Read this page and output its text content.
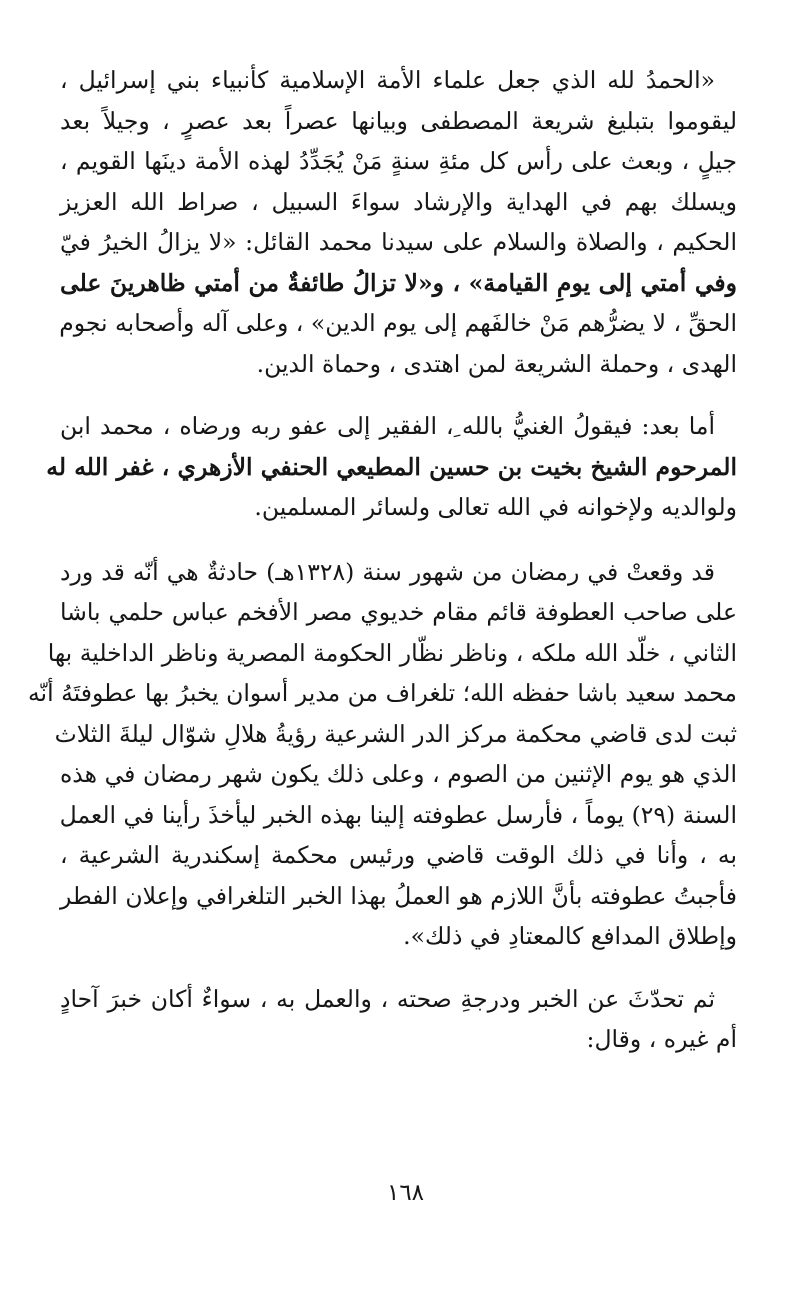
«الحمدُ لله الذي جعل علماء الأمة الإسلامية كأنبياء بني إسرائيل ،
ليقوموا بتبليغ شريعة المصطفى وبيانها عصراً بعد عصرٍ ، وجيلاً بعد
جيلٍ ، وبعث على رأس كل مئةِ سنةٍ مَنْ يُجَدِّدُ لهذه الأمة دينَها القويم ،
ويسلك بهم في الهداية والإرشاد سواءَ السبيل ، صراط الله العزيز
الحكيم ، والصلاة والسلام على سيدنا محمد القائل: «لا يزالُ الخيرُ فيّ
وفي أمتي إلى يومِ القيامة» ، و«لا تزالُ طائفةٌ من أمتي ظاهرينَ على
الحقِّ ، لا يضرُّهم مَنْ خالفَهم إلى يوم الدين» ، وعلى آله وأصحابه نجوم
الهدى ، وحملة الشريعة لمن اهتدى ، وحماة الدين.
أما بعد: فيقولُ الغنيُّ بالله ِ، الفقير إلى عفو ربه ورضاه ، محمد ابن
المرحوم الشيخ بخيت بن حسين المطيعي الحنفي الأزهري ، غفر الله له
ولوالديه ولإخوانه في الله تعالى ولسائر المسلمين.
قد وقعتْ في رمضان من شهور سنة (١٣٢٨هـ) حادثةٌ هي أنّه قد ورد
على صاحب العطوفة قائم مقام خديوي مصر الأفخم عباس حلمي باشا
الثاني ، خلّد الله ملكه ، وناظر نظّار الحكومة المصرية وناظر الداخلية بها
محمد سعيد باشا حفظه الله؛ تلغراف من مدير أسوان يخبرُ بها عطوفتَهُ أنّه
ثبت لدى قاضي محكمة مركز الدر الشرعية رؤيةُ هلالِ شوّال ليلةَ الثلاث
الذي هو يوم الإثنين من الصوم ، وعلى ذلك يكون شهر رمضان في هذه
السنة (٢٩) يوماً ، فأرسل عطوفته إلينا بهذه الخبر ليأخذَ رأينا في العمل
به ، وأنا في ذلك الوقت قاضي ورئيس محكمة إسكندرية الشرعية ،
فأجبتُ عطوفته بأنَّ اللازم هو العملُ بهذا الخبر التلغرافي وإعلان الفطر
وإطلاق المدافع كالمعتادِ في ذلك».
ثم تحدّثَ عن الخبر ودرجةِ صحته ، والعمل به ، سواءٌ أكان خبرَ آحادٍ
أم غيره ، وقال:
١٦٨
